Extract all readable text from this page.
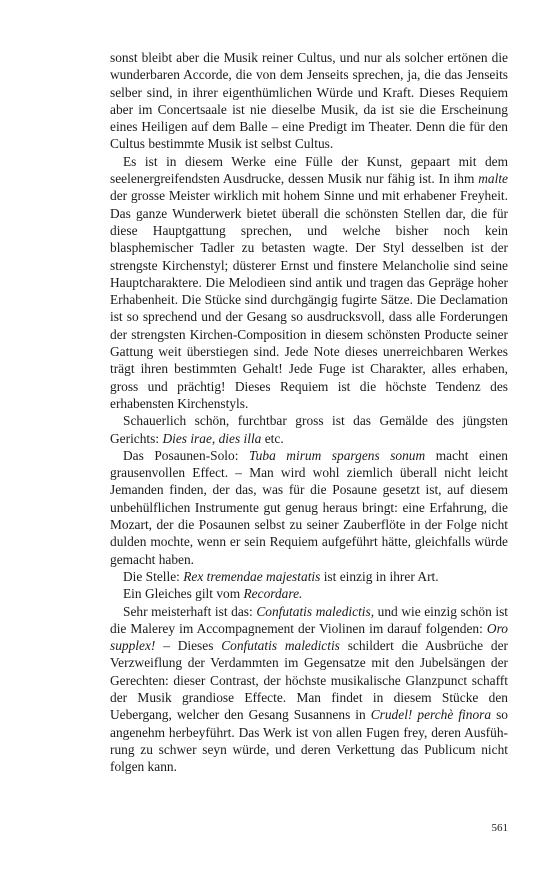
sonst bleibt aber die Musik reiner Cultus, und nur als solcher ertönen die wunderbaren Accorde, die von dem Jenseits sprechen, ja, die das Jenseits selber sind, in ihrer eigenthümlichen Würde und Kraft. Dieses Requiem aber im Concertsaale ist nie dieselbe Musik, da ist sie die Erscheinung eines Heiligen auf dem Balle – eine Predigt im Theater. Denn die für den Cultus bestimmte Musik ist selbst Cultus.

Es ist in diesem Werke eine Fülle der Kunst, gepaart mit dem seelenergreifendsten Ausdrucke, dessen Musik nur fähig ist. In ihm malte der grosse Meister wirklich mit hohem Sinne und mit erhabener Freyheit. Das ganze Wunderwerk bietet überall die schönsten Stellen dar, die für diese Hauptgattung sprechen, und welche bisher noch kein blasphemischer Tadler zu betasten wagte. Der Styl desselben ist der strengste Kirchenstyl; düsterer Ernst und finstere Melancholie sind seine Hauptcharaktere. Die Melodieen sind antik und tragen das Gepräge hoher Erhabenheit. Die Stücke sind durchgängig fugirte Sätze. Die Declamation ist so sprechend und der Gesang so ausdrucksvoll, dass alle Forderungen der strengsten Kirchen-Composition in diesem schönsten Producte seiner Gattung weit überstiegen sind. Jede Note dieses unerreichbaren Werkes trägt ihren bestimmten Gehalt! Jede Fuge ist Charakter, alles erhaben, gross und prächtig! Dieses Requiem ist die höchste Tendenz des erhabensten Kirchenstyls.

Schauerlich schön, furchtbar gross ist das Gemälde des jüngsten Gerichts: Dies irae, dies illa etc.

Das Posaunen-Solo: Tuba mirum spargens sonum macht einen grausenvollen Effect. – Man wird wohl ziemlich überall nicht leicht Jemanden finden, der das, was für die Posaune gesetzt ist, auf diesem unbehülflichen Instrumente gut genug heraus bringt: eine Erfahrung, die Mozart, der die Posaunen selbst zu seiner Zauberflöte in der Folge nicht dulden mochte, wenn er sein Requiem aufgeführt hätte, gleichfalls würde gemacht haben.

Die Stelle: Rex tremendae majestatis ist einzig in ihrer Art.

Ein Gleiches gilt vom Recordare.

Sehr meisterhaft ist das: Confutatis maledictis, und wie einzig schön ist die Malerey im Accompagnement der Violinen im darauf folgenden: Oro supplex! – Dieses Confutatis maledictis schildert die Ausbrüche der Verzweiflung der Verdammten im Gegensatze mit den Jubelsängen der Gerechten: dieser Contrast, der höchste musikalische Glanzpunct schafft der Musik grandiose Effecte. Man findet in diesem Stücke den Uebergang, welcher den Gesang Susannens in Crudel! perchè finora so angenehm herbeyführt. Das Werk ist von allen Fugen frey, deren Ausführung zu schwer seyn würde, und deren Verkettung das Publicum nicht folgen kann.

561
